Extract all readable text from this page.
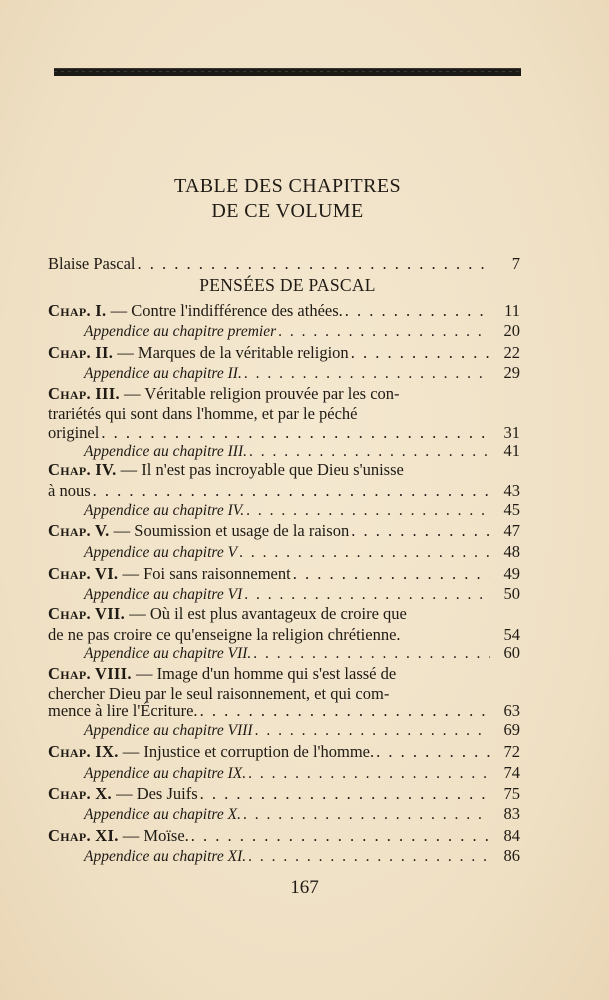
TABLE DES CHAPITRES
DE CE VOLUME
Blaise Pascal . . .	7
PENSÉES DE PASCAL
Chap. I.
— Contre l'indifférence des athées. . . .	11
Appendice au chapitre premier . . .	20
Chap. II.
— Marques de la véritable religion . . .	22
Appendice au chapitre II. . . .	29
Chap. III. — Véritable religion prouvée par les con-
trariétés qui sont dans l'homme, et par le péché
originel . . .	31
Appendice au chapitre III. . . .	41
Chap. IV. — Il n'est pas incroyable que Dieu s'unisse
à nous . . .	43
Appendice au chapitre IV. . . .	45
Chap. V.
— Soumission et usage de la raison . . .	47
Appendice au chapitre V . . .	48
Chap. VI.
— Foi sans raisonnement . . .	49
Appendice au chapitre VI . . .	50
Chap. VII. — Où il est plus avantageux de croire que
de ne pas croire ce qu'enseigne la religion chrétienne.	54
Appendice au chapitre VII. . . .	60
Chap. VIII. — Image d'un homme qui s'est lassé de
chercher Dieu par le seul raisonnement, et qui com-
mence à lire l'Écriture. . . .	63
Appendice au chapitre VIII . . .	69
Chap. IX.
— Injustice et corruption de l'homme. . . .	72
Appendice au chapitre IX. . . .	74
Chap. X.
— Des Juifs . . .	75
Appendice au chapitre X. . . .	83
Chap. XI.
— Moïse. . . .	84
Appendice au chapitre XI. . . .	86
167
